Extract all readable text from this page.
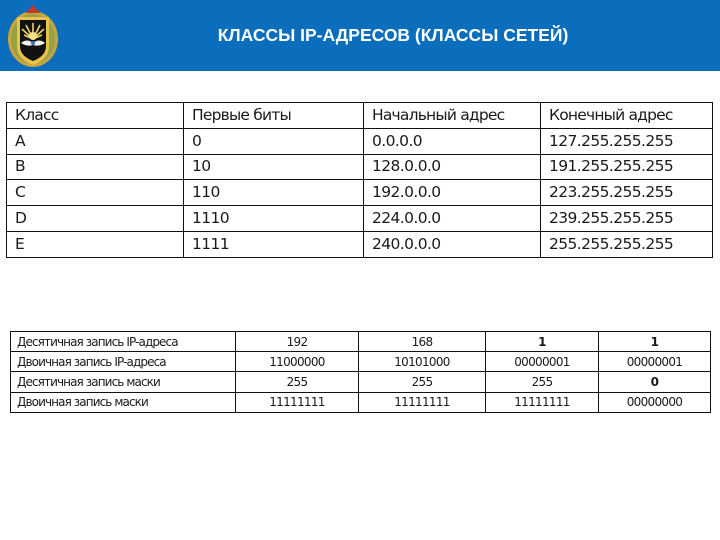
КЛАССЫ IP-АДРЕСОВ (КЛАССЫ СЕТЕЙ)
Класс	Первые биты	Начальный адрес	Конечный адрес
A	0	0.0.0.0	127.255.255.255
B	10	128.0.0.0	191.255.255.255
C	110	192.0.0.0	223.255.255.255
D	1110	224.0.0.0	239.255.255.255
E	1111	240.0.0.0	255.255.255.255
Десятичная запись IP-адреса	192	168	1	1
Двоичная запись IP-адреса	11000000	10101000	00000001	00000001
Десятичная запись маски	255	255	255	0
Двоичная запись маски	11111111	11111111	11111111	00000000
